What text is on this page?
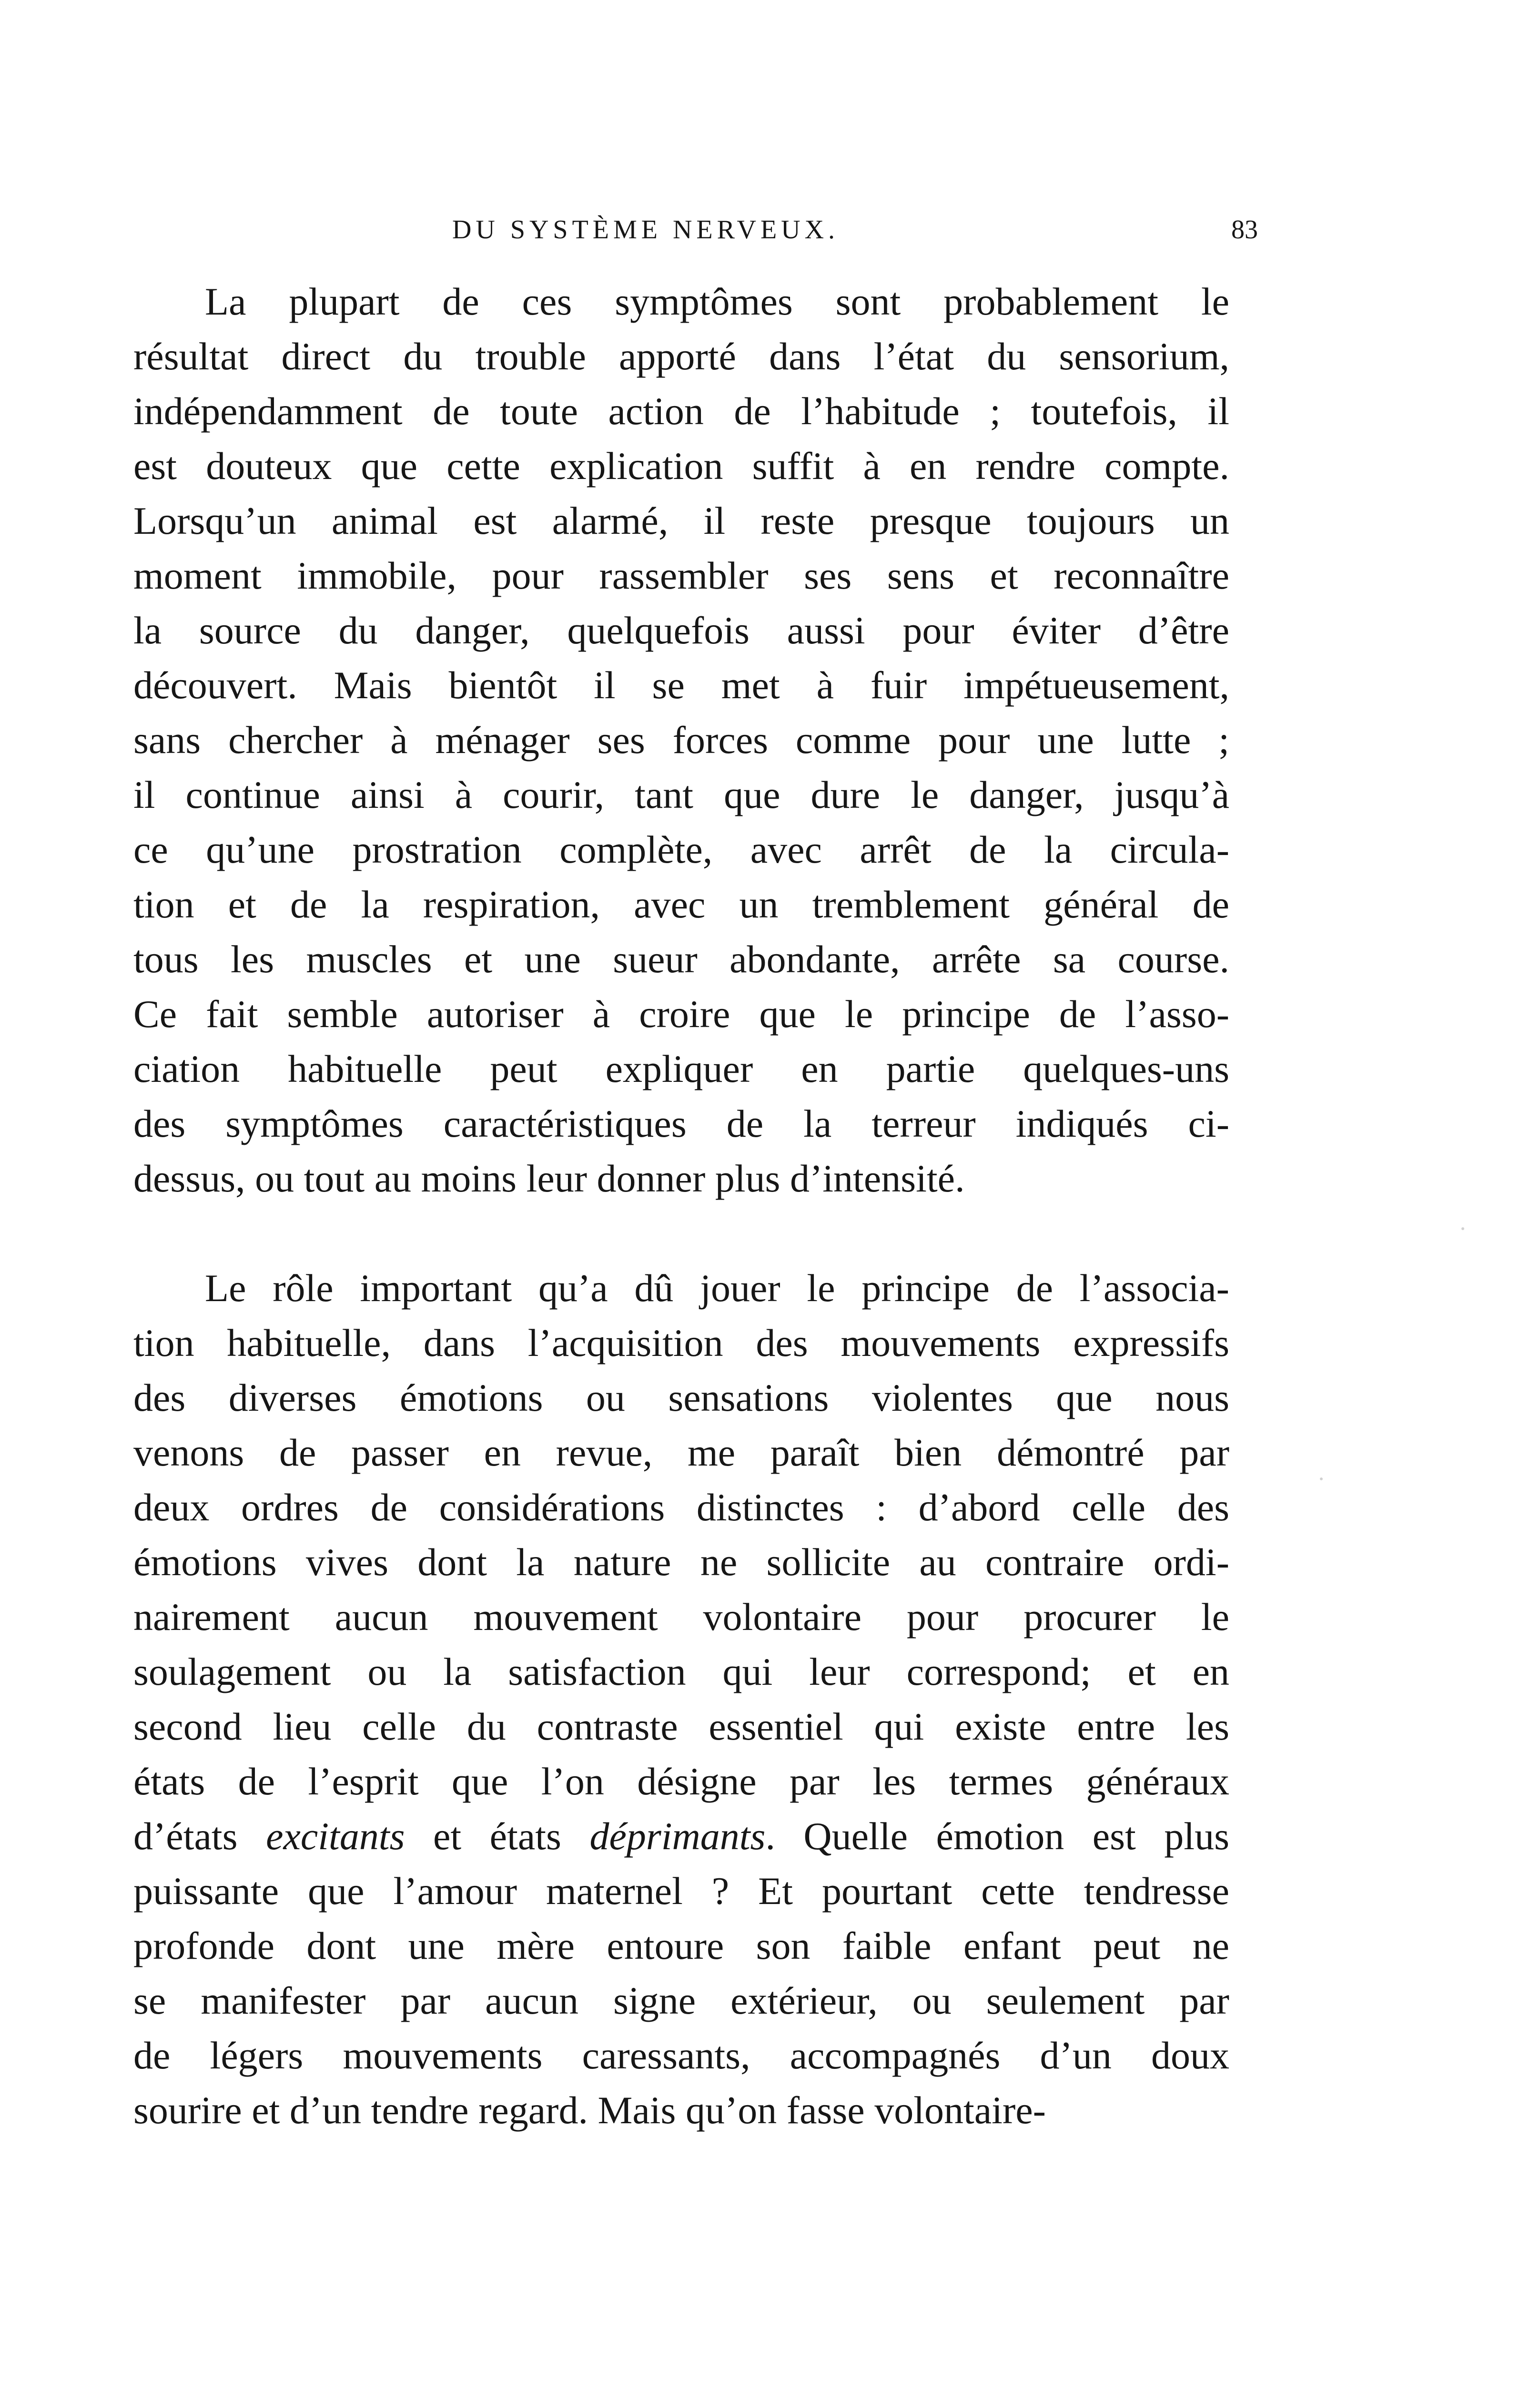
DU SYSTÈME NERVEUX.	83
La plupart de ces symptômes sont probablement le
résultat direct du trouble apporté dans l’état du sensorium,
indépendamment de toute action de l’habitude ; toutefois, il
est douteux que cette explication suffit à en rendre compte.
Lorsqu’un animal est alarmé, il reste presque toujours un
moment immobile, pour rassembler ses sens et reconnaître
la source du danger, quelquefois aussi pour éviter d’être
découvert. Mais bientôt il se met à fuir impétueusement,
sans chercher à ménager ses forces comme pour une lutte ;
il continue ainsi à courir, tant que dure le danger, jusqu’à
ce qu’une prostration complète, avec arrêt de la circula-
tion et de la respiration, avec un tremblement général de
tous les muscles et une sueur abondante, arrête sa course.
Ce fait semble autoriser à croire que le principe de l’asso-
ciation habituelle peut expliquer en partie quelques-uns
des symptômes caractéristiques de la terreur indiqués ci-
dessus, ou tout au moins leur donner plus d’intensité.
Le rôle important qu’a dû jouer le principe de l’associa-
tion habituelle, dans l’acquisition des mouvements expressifs
des diverses émotions ou sensations violentes que nous
venons de passer en revue, me paraît bien démontré par
deux ordres de considérations distinctes : d’abord celle des
émotions vives dont la nature ne sollicite au contraire ordi-
nairement aucun mouvement volontaire pour procurer le
soulagement ou la satisfaction qui leur correspond; et en
second lieu celle du contraste essentiel qui existe entre les
états de l’esprit que l’on désigne par les termes généraux
d’états excitants et états déprimants. Quelle émotion est plus
puissante que l’amour maternel ? Et pourtant cette tendresse
profonde dont une mère entoure son faible enfant peut ne
se manifester par aucun signe extérieur, ou seulement par
de légers mouvements caressants, accompagnés d’un doux
sourire et d’un tendre regard. Mais qu’on fasse volontaire-
